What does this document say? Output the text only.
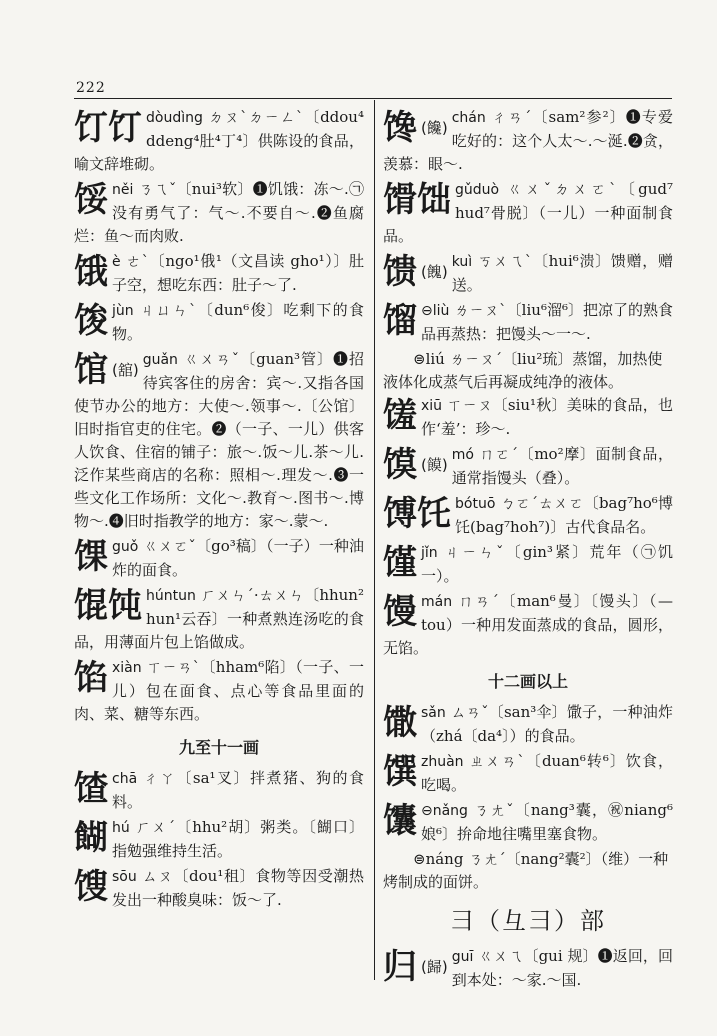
222
饤饤 dòudìng ㄉㄡˋㄉㄧㄥˋ〔ddou⁴ ddeng⁴肚⁴丁⁴〕供陈设的食品，喻文辞堆砌。
馁 něi ㄋㄟˇ〔nui³软〕❶饥饿：冻～.㉠没有勇气了：气～.不要自～.❷鱼腐烂：鱼～而肉败.
饿 è ㄜˋ〔ngo¹俄¹（文昌读 gho¹）〕肚子空，想吃东西：肚子～了.
馂 jùn ㄐㄩㄣˋ〔dun⁶俊〕吃剩下的食物。
馆 (舘)
guǎn ㄍㄨㄢˇ〔guan³管〕❶招待宾客住的房舍：宾～.又指各国使节办公的地方：大使～.领事～.〔公馆〕旧时指官吏的住宅。❷（一子、一儿）供客人饮食、住宿的铺子：旅～.饭～儿.茶～儿.泛作某些商店的名称：照相～.理发～.❸一些文化工作场所：文化～.教育～.图书～.博物～.❹旧时指教学的地方：家～.蒙～.
馃 guǒ ㄍㄨㄛˇ〔go³稿〕（一子）一种油炸的面食。
馄饨 húntun ㄏㄨㄣˊ·ㄊㄨㄣ〔hhun² hun¹云吞〕一种煮熟连汤吃的食品，用薄面片包上馅做成。
馅 xiàn ㄒㄧㄢˋ〔hham⁶陷〕（一子、一儿）包在面食、点心等食品里面的肉、菜、糖等东西。
九至十一画
馇 chā ㄔㄚ〔sa¹叉〕拌煮猪、狗的食料。
餬 hú ㄏㄨˊ〔hhu²胡〕粥类。〔餬口〕指勉强维持生活。
馊 sōu ㄙㄡ〔dou¹租〕食物等因受潮热发出一种酸臭味：饭～了.
馋 (饞)
chán ㄔㄢˊ〔sam²参²〕❶专爱吃好的：这个人太～.～涎.❷贪，羡慕：眼～.
馉饳 gǔduò ㄍㄨˇㄉㄨㄛˋ〔gud⁷ hud⁷骨脱〕（一儿）一种面制食品。
馈 (餽)
kuì ㄎㄨㄟˋ〔hui⁶溃〕馈赠，赠送。
馏 ⊖liù ㄌㄧㄡˋ〔liu⁶溜⁶〕把凉了的熟食品再蒸热：把馒头～一～.
⊜liú ㄌㄧㄡˊ〔liu²琉〕蒸馏，加热使液体化成蒸气后再凝成纯净的液体。
馐 xiū ㄒㄧㄡ〔siu¹秋〕美味的食品，也作‘羞’：珍～.
馍 (饃)
mó ㄇㄛˊ〔mo²摩〕面制食品，通常指馒头（叠）。
馎饦 bótuō ㄅㄛˊㄊㄨㄛ〔bag⁷ho⁶博饦(bag⁷hoh⁷)〕古代食品名。
馑 jǐn ㄐㄧㄣˇ〔gin³紧〕荒年（㉠饥一）。
馒 mán ㄇㄢˊ〔man⁶曼〕〔馒头〕（—tou）一种用发面蒸成的食品，圆形，无馅。
十二画以上
馓 sǎn ㄙㄢˇ〔san³伞〕馓子，一种油炸（zhá〔da⁴〕）的食品。
馔 zhuàn ㄓㄨㄢˋ〔duan⁶转⁶〕饮食，吃喝。
馕 ⊖nǎng ㄋㄤˇ〔nang³囊，㊗niang⁶娘⁶〕拚命地往嘴里塞食物。
⊜náng ㄋㄤˊ〔nang²囊²〕（维）一种烤制成的面饼。
彐（彑彐）部
归 (歸)
guī ㄍㄨㄟ〔gui 规〕❶返回，回到本处：～家.～国.
